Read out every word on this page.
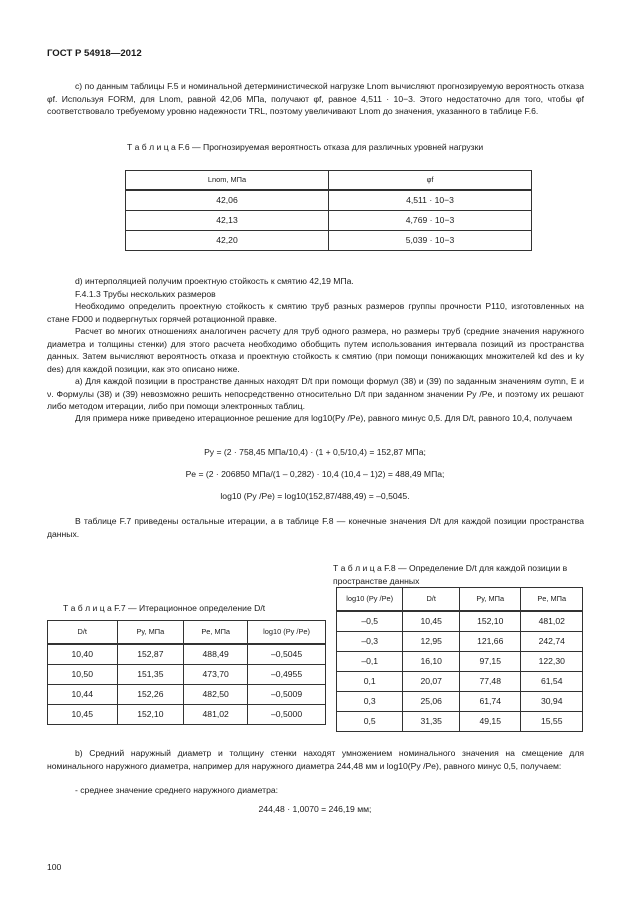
ГОСТ Р 54918—2012
c) по данным таблицы F.5 и номинальной детерминистической нагрузке Lnom вычисляют прогнозируемую вероятность отказа φf. Используя FORM, для Lnom, равной 42,06 МПа, получают φf, равное 4,511 · 10−3. Этого недостаточно для того, чтобы φf соответствовало требуемому уровню надежности TRL, поэтому увеличивают Lnom до значения, указанного в таблице F.6.
Т а б л и ц а F.6 — Прогнозируемая вероятность отказа для различных уровней нагрузки
Lnom, МПа	φf
42,06	4,511 · 10−3
42,13	4,769 · 10−3
42,20	5,039 · 10−3
d) интерполяцией получим проектную стойкость к смятию 42,19 МПа.
F.4.1.3 Трубы нескольких размеров
Необходимо определить проектную стойкость к смятию труб разных размеров группы прочности Р110, изготовленных на стане FD00 и подвергнутых горячей ротационной правке.
Расчет во многих отношениях аналогичен расчету для труб одного размера, но размеры труб (средние значения наружного диаметра и толщины стенки) для этого расчета необходимо обобщить путем использования интервала позиций из пространства данных. Затем вычисляют вероятность отказа и проектную стойкость к смятию (при помощи понижающих множителей kd des и ky des) для каждой позиции, как это описано ниже.
а) Для каждой позиции в пространстве данных находят D/t при помощи формул (38) и (39) по заданным значениям σymn, E и ν. Формулы (38) и (39) невозможно решить непосредственно относительно D/t при заданном значении Py /Pe, и поэтому их решают либо методом итерации, либо при помощи электронных таблиц.
Для примера ниже приведено итерационное решение для log10(Py /Pe), равного минус 0,5. Для D/t, равного 10,4, получаем
Py = (2 · 758,45 МПа/10,4) · (1 + 0,5/10,4) = 152,87 МПа;
Pe = (2 · 206850 МПа/(1 – 0,282) · 10,4 (10,4 – 1)2) = 488,49 МПа;
log10 (Py /Pe) = log10(152,87/488,49) = –0,5045.
В таблице F.7 приведены остальные итерации, а в таблице F.8 — конечные значения D/t для каждой позиции пространства данных.
Т а б л и ц а F.8 — Определение D/t для каждой позиции в пространстве данных
log10 (Py /Pe)	D/t	Py, МПа	Pe, МПа
–0,5	10,45	152,10	481,02
–0,3	12,95	121,66	242,74
–0,1	16,10	97,15	122,30
0,1	20,07	77,48	61,54
0,3	25,06	61,74	30,94
0,5	31,35	49,15	15,55
Т а б л и ц а F.7 — Итерационное определение D/t
D/t	Py, МПа	Pe, МПа	log10 (Py /Pe)
10,40	152,87	488,49	–0,5045
10,50	151,35	473,70	–0,4955
10,44	152,26	482,50	–0,5009
10,45	152,10	481,02	–0,5000
b) Средний наружный диаметр и толщину стенки находят умножением номинального значения на смещение для номинального наружного диаметра, например для наружного диаметра 244,48 мм и log10(Py /Pe), равного минус 0,5, получаем:
- среднее значение среднего наружного диаметра:
244,48 · 1,0070 = 246,19 мм;
100
